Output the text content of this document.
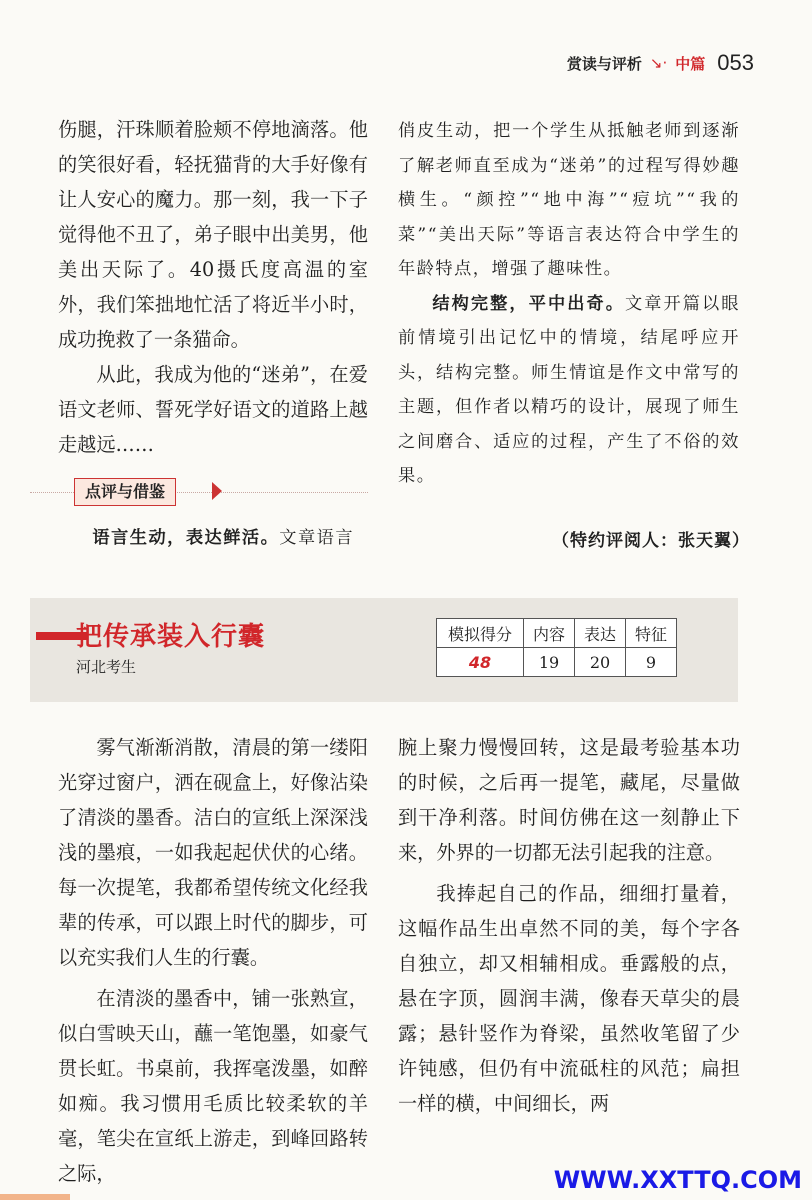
赏读与评析 ↘· 中篇 053

伤腿，汗珠顺着脸颊不停地滴落。他的笑很好看，轻抚猫背的大手好像有让人安心的魔力。那一刻，我一下子觉得他不丑了，弟子眼中出美男，他美出天际了。40摄氏度高温的室外，我们笨拙地忙活了将近半小时，成功挽救了一条猫命。

从此，我成为他的“迷弟”，在爱语文老师、誓死学好语文的道路上越走越远……

点评与借鉴

语言生动，表达鲜活。文章语言

俏皮生动，把一个学生从抵触老师到逐渐了解老师直至成为“迷弟”的过程写得妙趣横生。“颜控”“地中海”“痘坑”“我的菜”“美出天际”等语言表达符合中学生的年龄特点，增强了趣味性。

结构完整，平中出奇。文章开篇以眼前情境引出记忆中的情境，结尾呼应开头，结构完整。师生情谊是作文中常写的主题，但作者以精巧的设计，展现了师生之间磨合、适应的过程，产生了不俗的效果。

（特约评阅人：张天翼）
把传承装入行囊
河北考生
模拟得分	内容	表达	特征
48	19	20	9

雾气渐渐消散，清晨的第一缕阳光穿过窗户，洒在砚盒上，好像沾染了清淡的墨香。洁白的宣纸上深深浅浅的墨痕，一如我起起伏伏的心绪。每一次提笔，我都希望传统文化经我辈的传承，可以跟上时代的脚步，可以充实我们人生的行囊。

在清淡的墨香中，铺一张熟宣，似白雪映天山，蘸一笔饱墨，如豪气贯长虹。书桌前，我挥毫泼墨，如醉如痴。我习惯用毛质比较柔软的羊毫，笔尖在宣纸上游走，到峰回路转之际，

腕上聚力慢慢回转，这是最考验基本功的时候，之后再一提笔，藏尾，尽量做到干净利落。时间仿佛在这一刻静止下来，外界的一切都无法引起我的注意。

我捧起自己的作品，细细打量着，这幅作品生出卓然不同的美，每个字各自独立，却又相辅相成。垂露般的点，悬在字顶，圆润丰满，像春天草尖的晨露；悬针竖作为脊梁，虽然收笔留了少许钝感，但仍有中流砥柱的风范；扁担一样的横，中间细长，两

WWW.XXTTQ.COM
